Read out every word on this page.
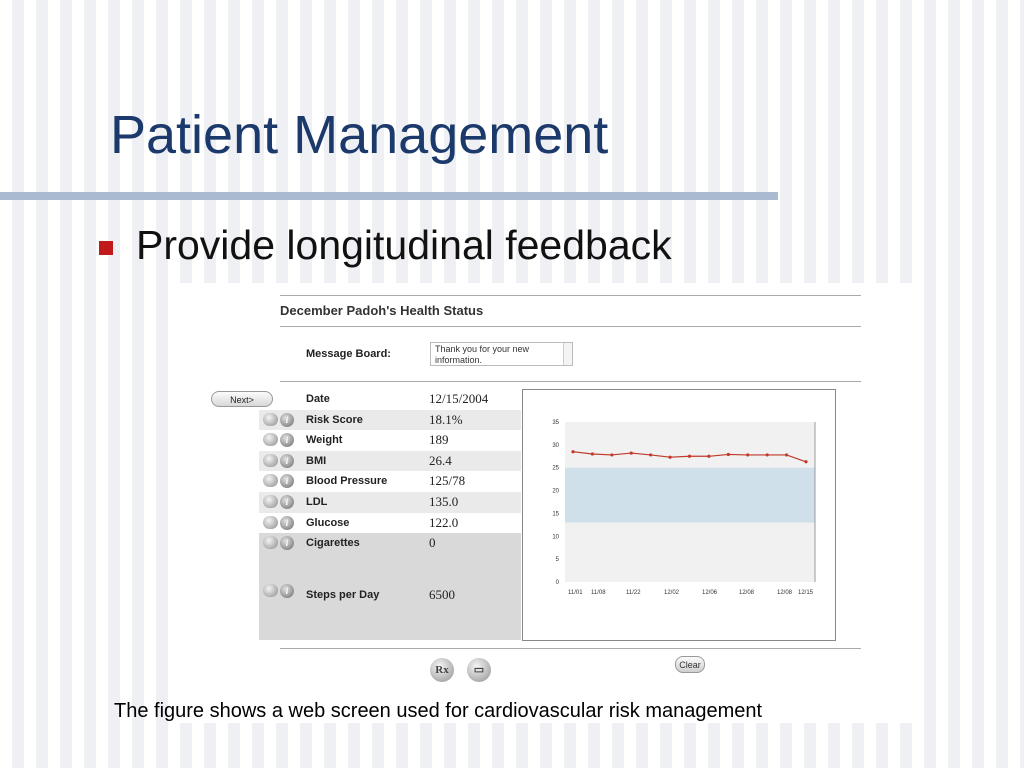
Patient Management
Provide longitudinal feedback
December Padoh's Health Status
Message Board:	Thank you for your new information.
Next>	Date	12/15/2004
i	Risk Score	18.1%
i	Weight	189
i	BMI	26.4
i	Blood Pressure	125/78
i	LDL	135.0
i	Glucose	122.0
i	Cigarettes	0
i	Steps per Day	6500
0
5
10
15
20
25
30
35
11/01 11/08	11/22	12/02	12/06	12/08	12/08 12/15
Rx	▭	Clear
The figure shows a web screen used for cardiovascular risk management
